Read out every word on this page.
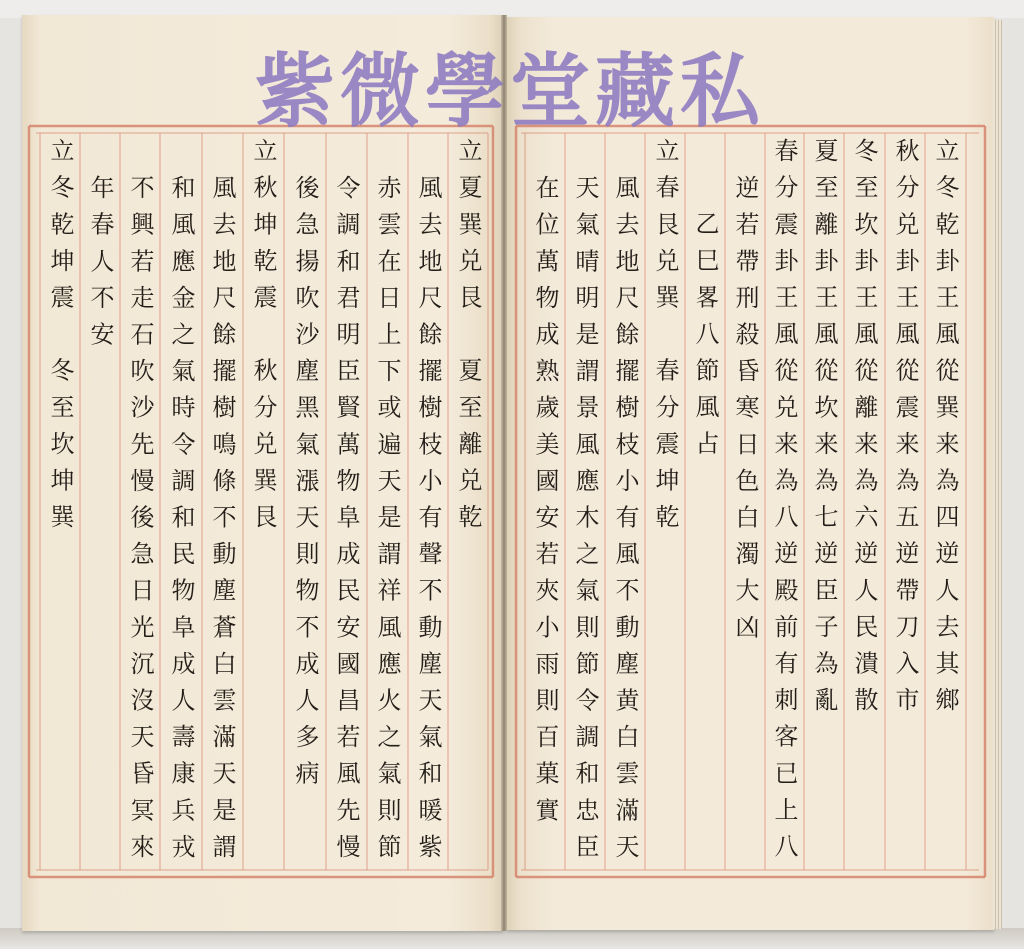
立冬乾卦王風從巽来為四逆人去其鄉
秋分兑卦王風從震来為五逆帶刀入市
冬至坎卦王風從離来為六逆人民潰散
夏至離卦王風從坎来為七逆臣子為亂
春分震卦王風從兑来為八逆殿前有刺客已上八
逆若帶刑殺昏寒日色白濁大凶
乙巳畧八節風占
立春艮兑巽　春分震坤乾
風去地尺餘擺樹枝小有風不動塵黄白雲滿天
天氣晴明是謂景風應木之氣則節令調和忠臣
在位萬物成熟歲美國安若夾小雨則百菓實
立夏巽兑艮　夏至離兑乾
風去地尺餘擺樹枝小有聲不動塵天氣和暖紫
赤雲在日上下或遍天是謂祥風應火之氣則節
令調和君明臣賢萬物阜成民安國昌若風先慢
後急揚吹沙塵黑氣漲天則物不成人多病
立秋坤乾震　秋分兑巽艮
風去地尺餘擺樹鳴條不動塵蒼白雲滿天是謂
和風應金之氣時令調和民物阜成人壽康兵戎
不興若走石吹沙先慢後急日光沉沒天昏冥來
年春人不安
立冬乾坤震　冬至坎坤巽
紫微學堂藏私
